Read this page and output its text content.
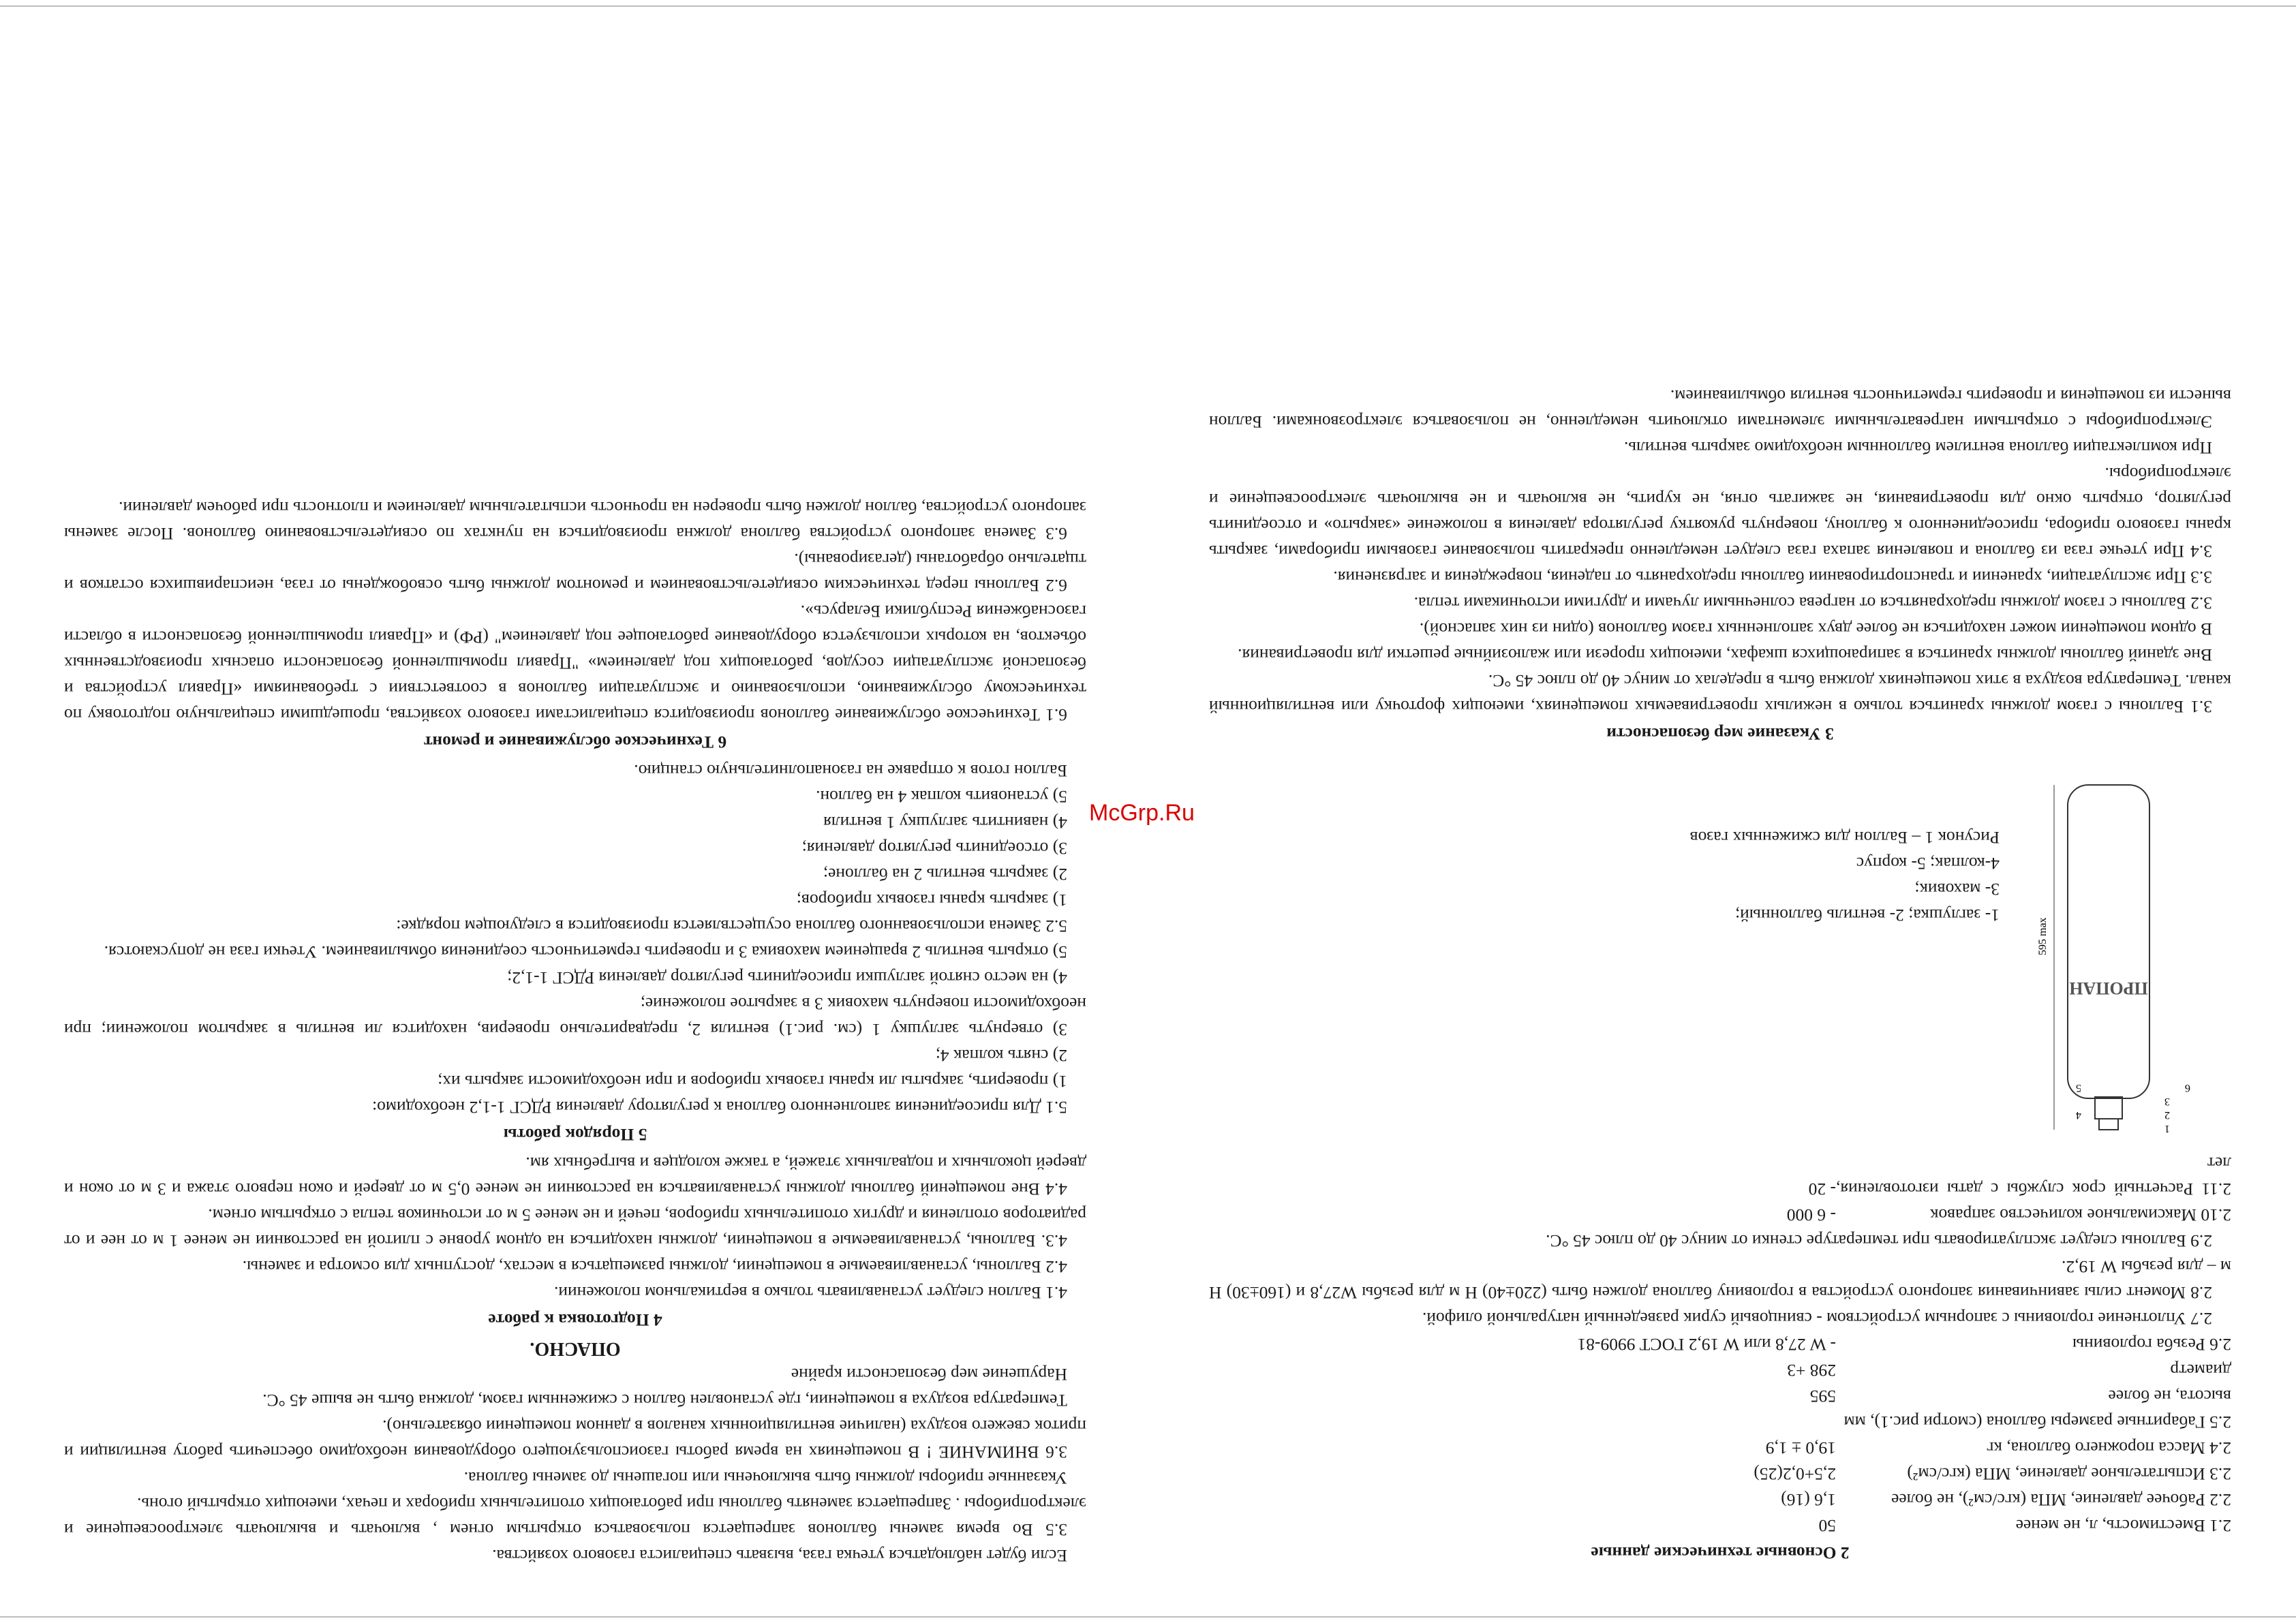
2 Основные технические данные
2.1 Вместимость, л, не менее
50
2.2 Рабочее давление, МПа (кгс/см²), не более
1,6 (16)
2.3 Испытательное давление, МПа (кгс/см²)
2,5+0,2(25)
2.4 Масса порожнего баллона, кг
19,0 ± 1,9
2.5 Габаритные размеры баллона (смотри рис.1), мм
высота, не более
595
диаметр
298 +3
2.6 Резьба горловины
- W 27,8 или W 19,2 ГОСТ 9909-81

2.7 Уплотнение горловины с запорным устройством - свинцовый сурик разведенный натуральной олифой.

2.8 Момент силы завинчивания запорного устройства в горловину баллона должен быть (220±40) Н м для резьбы W27,8 и (160±30) Н м – для резьбы W 19,2.

2.9 Баллоны следует эксплуатировать при температуре стенки от минус 40 до плюс 45 °С.

2.10 Максимальное количество заправок
- 6 000
2.11 Расчетный срок службы с даты изготовления, лет
- 20
595 max
ПРОПАН
1
2
3
4
5	6

1- заглушка; 2- вентиль баллонный;

3- маховик;

4-колпак; 5- корпус

Рисунок 1 – Баллон для сжиженных газов

3 Указание мер безопасности

3.1 Баллоны с газом должны храниться только в нежилых проветриваемых помещениях, имеющих форточку или вентиляционный канал. Температура воздуха в этих помещениях должна быть в пределах от минус 40 до плюс 45 °С.

Вне зданий баллоны должны храниться в запирающихся шкафах, имеющих прорези или жалюзийные решетки для проветривания.

В одном помещении может находиться не более двух заполненных газом баллонов (один из них запасной).

3.2 Баллоны с газом должны предохраняться от нагрева солнечными лучами и другими источниками тепла.

3.3 При эксплуатации, хранении и транспортировании баллоны предохранять от падения, повреждения и загрязнения.

3.4 При утечке газа из баллона и появления запаха газа следует немедленно прекратить пользование газовыми приборами, закрыть краны газового прибора, присоединенного к баллону, повернуть рукоятку регулятора давления в положение «закрыто» и отсоединить регулятор, открыть окно для проветривания, не зажигать огня, не курить, не включать и не выключать электроосвещение и электроприборы.

При комплектации баллона вентилем баллонным необходимо закрыть вентиль.

Электроприборы с открытыми нагревательными элементами отключить немедленно, не пользоваться электрозвонками. Баллон вынести из помещения и проверить герметичность вентиля обмыливанием.

Если будет наблюдаться утечка газа, вызвать специалиста газового хозяйства.

3.5 Во время замены баллонов запрещается пользоваться открытым огнем , включать и выключать электроосвещение и электроприборы . Запрещается заменять баллоны при работающих отопительных приборах и печах, имеющих открытый огонь.

Указанные приборы должны быть выключены или погашены до замены баллона.

3.6 ВНИМАНИЕ ! В помещениях на время работы газоиспользующего оборудования необходимо обеспечить работу вентиляции и приток свежего воздуха (наличие вентиляционных каналов в данном помещении обязательно).

Температура воздуха в помещении, где установлен баллон с сжиженным газом, должна быть не выше 45 °С.

Нарушение мер безопасности крайне

ОПАСНО.
4 Подготовка к работе

4.1 Баллон следует устанавливать только в вертикальном положении.

4.2 Баллоны, устанавливаемые в помещении, должны размещаться в местах, доступных для осмотра и замены.

4.3. Баллоны, устанавливаемые в помещении, должны находиться на одном уровне с плитой на расстоянии не менее 1 м от нее и от радиаторов отопления и других отопительных приборов, печей и не менее 5 м от источников тепла с открытым огнем.

4.4 Вне помещений баллоны должны устанавливаться на расстоянии не менее 0,5 м от дверей и окон первого этажа и 3 м от окон и дверей цокольных и подвальных этажей, а также колодцев и выгребных ям.

5 Порядок работы

5.1 Для присоединения заполненного баллона к регулятору давления РДСГ 1-1,2 необходимо:

1) проверить, закрыты ли краны газовых приборов и при необходимости закрыть их;

2) снять колпак 4;

3) отвернуть заглушку 1 (см. рис.1) вентиля 2, предварительно проверив, находится ли вентиль в закрытом положении; при необходимости повернуть маховик 3 в закрытое положение;

4) на место снятой заглушки присоединить регулятор давления РДСГ 1-1,2;

5) открыть вентиль 2 вращением маховика 3 и проверить герметичность соединения обмыливанием. Утечки газа не допускаются.

5.2 Замена использованного баллона осуществляется производится в следующем порядке:

1) закрыть краны газовых приборов;

2) закрыть вентиль 2 на баллоне;

3) отсоединить регулятор давления;

4) навинтить заглушку 1 вентиля

5) установить колпак 4 на баллон.

Баллон готов к отправке на газонаполнительную станцию.

6 Техническое обслуживание и ремонт

6.1 Техническое обслуживание баллонов производится специалистами газового хозяйства, прошедшими специальную подготовку по техническому обслуживанию, использованию и эксплуатации баллонов в соответствии с требованиями «Правил устройства и безопасной эксплуатации сосудов, работающих под давлением» "Правил промышленной безопасности опасных производственных объектов, на которых используется оборудование работающее под давлением" (РФ) и «Правил промышленной безопасности в области газоснабжения Республики Беларусь».

6.2 Баллоны перед техническим освидетельствованием и ремонтом должны быть освобождены от газа, неиспарившихся остатков и тщательно обработаны (дегазированы).

6.3 Замена запорного устройства баллона должна производиться на пунктах по освидетельствованию баллонов. После замены запорного устройства, баллон должен быть проверен на прочность испытательным давлением и плотность при рабочем давлении.

McGrp.Ru
